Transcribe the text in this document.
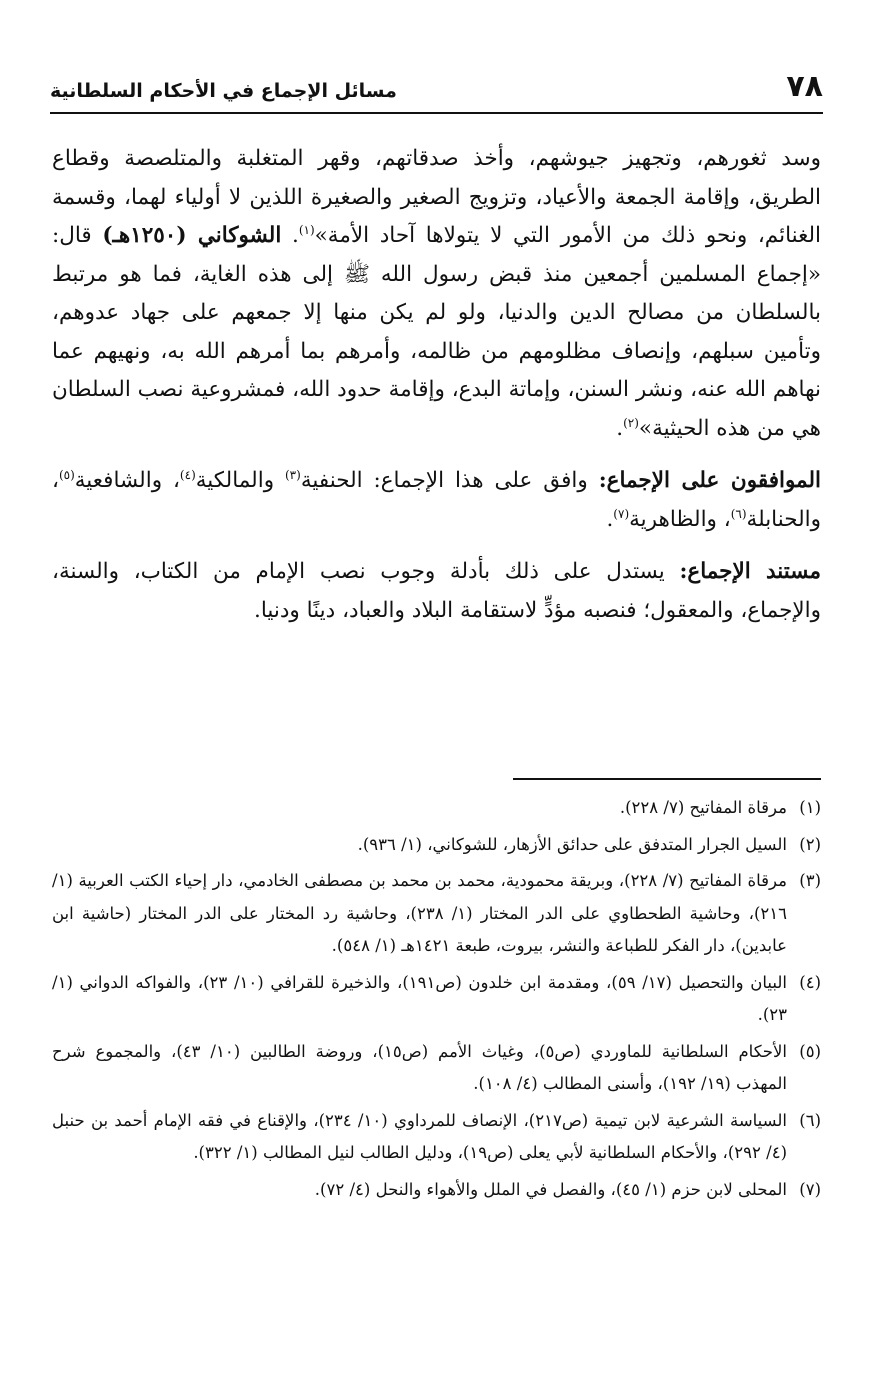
٧٨
مسائل الإجماع في الأحكام السلطانية

وسد ثغورهم، وتجهيز جيوشهم، وأخذ صدقاتهم، وقهر المتغلبة والمتلصصة وقطاع الطريق، وإقامة الجمعة والأعياد، وتزويج الصغير والصغيرة اللذين لا أولياء لهما، وقسمة الغنائم، ونحو ذلك من الأمور التي لا يتولاها آحاد الأمة»$^{(١)}$. الشوكاني (١٢٥٠هـ) قال: «إجماع المسلمين أجمعين منذ قبض رسول الله ﷺ إلى هذه الغاية، فما هو مرتبط بالسلطان من مصالح الدين والدنيا، ولو لم يكن منها إلا جمعهم على جهاد عدوهم، وتأمين سبلهم، وإنصاف مظلومهم من ظالمه، وأمرهم بما أمرهم الله به، ونهيهم عما نهاهم الله عنه، ونشر السنن، وإماتة البدع، وإقامة حدود الله، فمشروعية نصب السلطان هي من هذه الحيثية»$^{(٢)}$.

الموافقون على الإجماع: وافق على هذا الإجماع: الحنفية$^{(٣)}$ والمالكية$^{(٤)}$، والشافعية$^{(٥)}$، والحنابلة$^{(٦)}$، والظاهرية$^{(٧)}$.

مستند الإجماع: يستدل على ذلك بأدلة وجوب نصب الإمام من الكتاب، والسنة، والإجماع، والمعقول؛ فنصبه مؤدٍّ لاستقامة البلاد والعباد، دينًا ودنيا.

(١)
مرقاة المفاتيح (٧/ ٢٢٨).
(٢)
السيل الجرار المتدفق على حدائق الأزهار، للشوكاني، (١/ ٩٣٦).
(٣)
مرقاة المفاتيح (٧/ ٢٢٨)، وبريقة محمودية، محمد بن محمد بن مصطفى الخادمي، دار إحياء الكتب العربية (١/ ٢١٦)، وحاشية الطحطاوي على الدر المختار (١/ ٢٣٨)، وحاشية رد المختار على الدر المختار (حاشية ابن عابدين)، دار الفكر للطباعة والنشر، بيروت، طبعة ١٤٢١هـ (١/ ٥٤٨).
(٤)
البيان والتحصيل (١٧/ ٥٩)، ومقدمة ابن خلدون (ص١٩١)، والذخيرة للقرافي (١٠/ ٢٣)، والفواكه الدواني (١/ ٢٣).
(٥)
الأحكام السلطانية للماوردي (ص٥)، وغياث الأمم (ص١٥)، وروضة الطالبين (١٠/ ٤٣)، والمجموع شرح المهذب (١٩/ ١٩٢)، وأسنى المطالب (٤/ ١٠٨).
(٦)
السياسة الشرعية لابن تيمية (ص٢١٧)، الإنصاف للمرداوي (١٠/ ٢٣٤)، والإقناع في فقه الإمام أحمد بن حنبل (٤/ ٢٩٢)، والأحكام السلطانية لأبي يعلى (ص١٩)، ودليل الطالب لنيل المطالب (١/ ٣٢٢).
(٧)
المحلى لابن حزم (١/ ٤٥)، والفصل في الملل والأهواء والنحل (٤/ ٧٢).
